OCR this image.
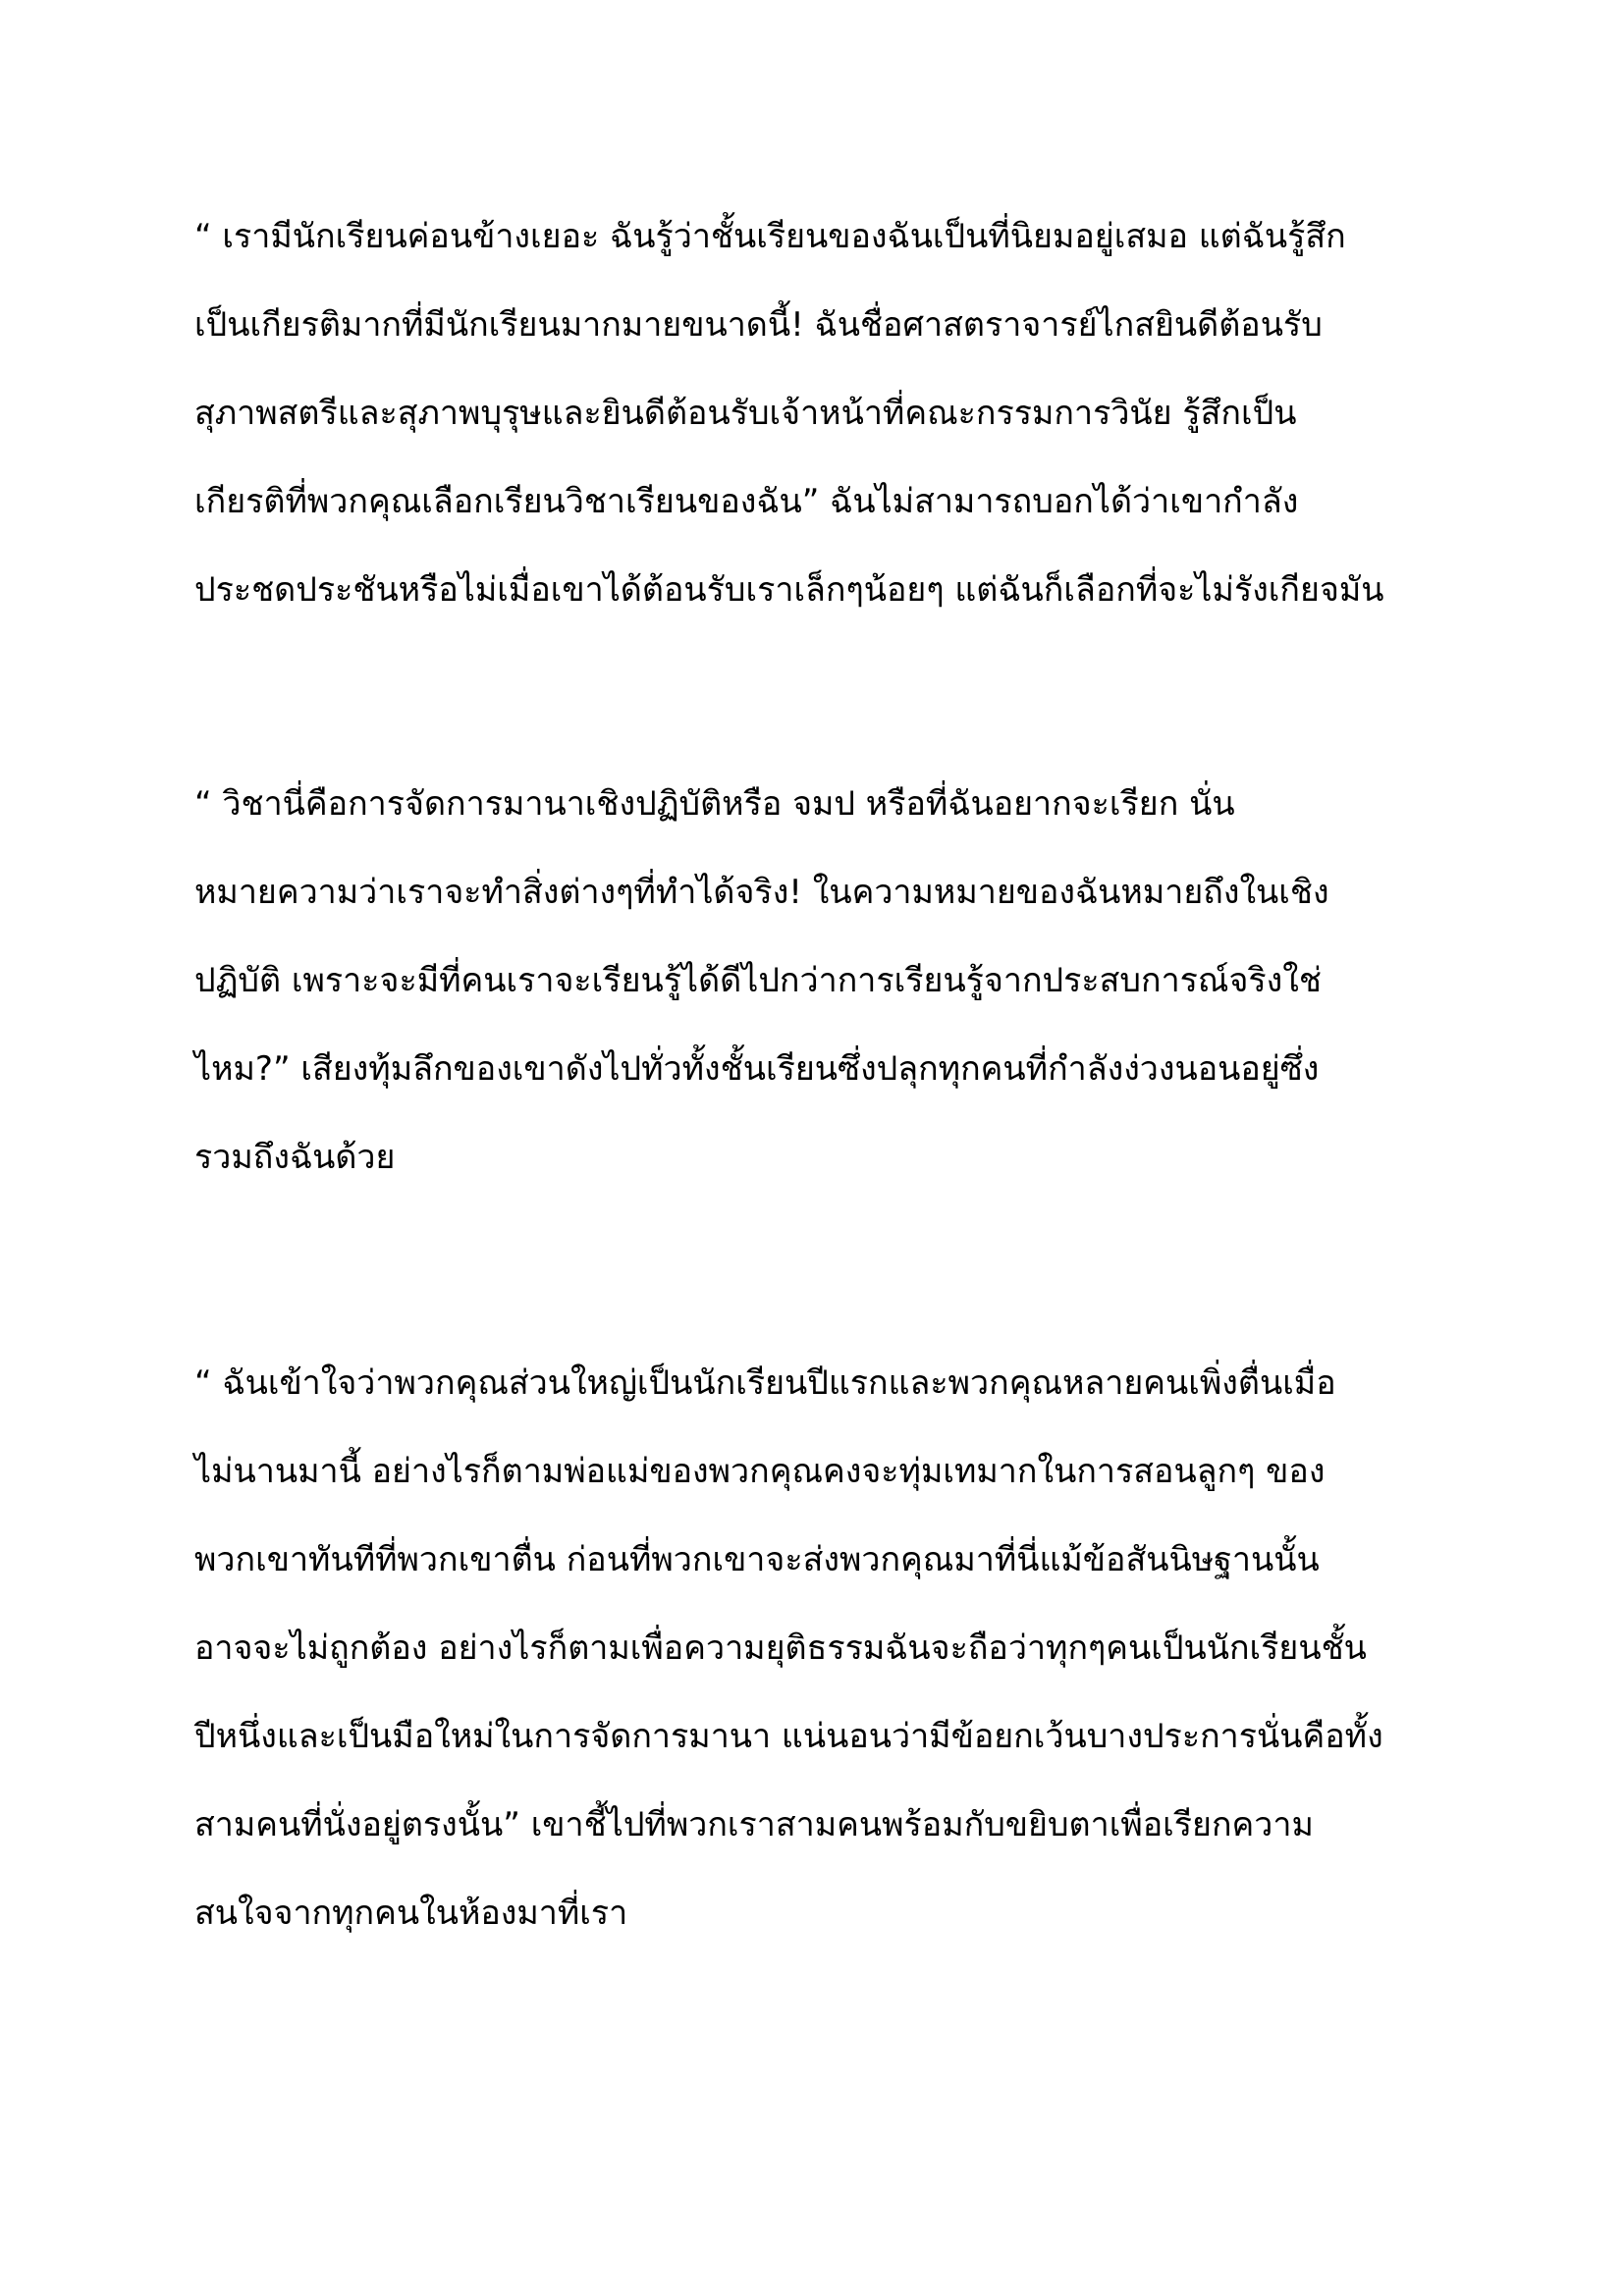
“ เรามีนักเรียนค่อนข้างเยอะ ฉันรู้ว่าชั้นเรียนของฉันเป็นที่นิยมอยู่เสมอ แต่ฉันรู้สึก
เป็นเกียรติมากที่มีนักเรียนมากมายขนาดนี้! ฉันชื่อศาสตราจารย์ไกสยินดีต้อนรับ
สุภาพสตรีและสุภาพบุรุษและยินดีต้อนรับเจ้าหน้าที่คณะกรรมการวินัย รู้สึกเป็น
เกียรติที่พวกคุณเลือกเรียนวิชาเรียนของฉัน” ฉันไม่สามารถบอกได้ว่าเขากำลัง
ประชดประชันหรือไม่เมื่อเขาได้ต้อนรับเราเล็กๆน้อยๆ แต่ฉันก็เลือกที่จะไม่รังเกียจมัน
“ วิชานี่คือการจัดการมานาเชิงปฏิบัติหรือ จมป หรือที่ฉันอยากจะเรียก นั่น
หมายความว่าเราจะทำสิ่งต่างๆที่ทำได้จริง! ในความหมายของฉันหมายถึงในเชิง
ปฏิบัติ เพราะจะมีที่คนเราจะเรียนรู้ได้ดีไปกว่าการเรียนรู้จากประสบการณ์จริงใช่
ไหม?” เสียงทุ้มลึกของเขาดังไปทั่วทั้งชั้นเรียนซึ่งปลุกทุกคนที่กำลังง่วงนอนอยู่ซึ่ง
รวมถึงฉันด้วย
“ ฉันเข้าใจว่าพวกคุณส่วนใหญ่เป็นนักเรียนปีแรกและพวกคุณหลายคนเพิ่งตื่นเมื่อ
ไม่นานมานี้ อย่างไรก็ตามพ่อแม่ของพวกคุณคงจะทุ่มเทมากในการสอนลูกๆ ของ
พวกเขาทันทีที่พวกเขาตื่น ก่อนที่พวกเขาจะส่งพวกคุณมาที่นี่แม้ข้อสันนิษฐานนั้น
อาจจะไม่ถูกต้อง อย่างไรก็ตามเพื่อความยุติธรรมฉันจะถือว่าทุกๆคนเป็นนักเรียนชั้น
ปีหนึ่งและเป็นมือใหม่ในการจัดการมานา แน่นอนว่ามีข้อยกเว้นบางประการนั่นคือทั้ง
สามคนที่นั่งอยู่ตรงนั้น” เขาชี้ไปที่พวกเราสามคนพร้อมกับขยิบตาเพื่อเรียกความ
สนใจจากทุกคนในห้องมาที่เรา
